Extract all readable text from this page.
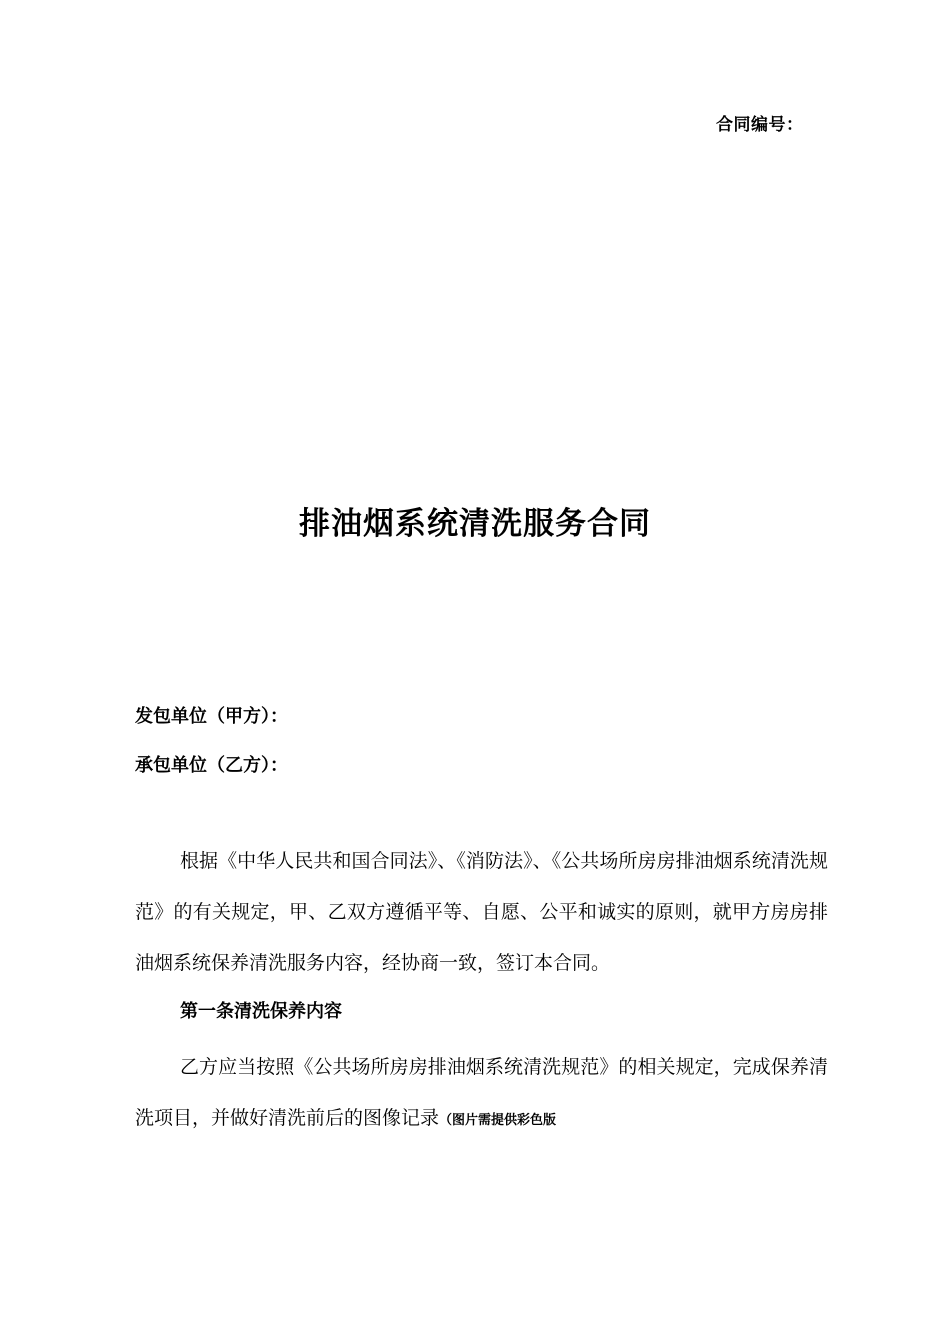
合同编号：
排油烟系统清洗服务合同
发包单位（甲方）：
承包单位（乙方）：

根据《中华人民共和国合同法》、《消防法》、《公共场所房房排油烟系统清洗规范》的有关规定，甲、乙双方遵循平等、自愿、公平和诚实的原则，就甲方房房排油烟系统保养清洗服务内容，经协商一致，签订本合同。

第一条清洗保养内容

乙方应当按照《公共场所房房排油烟系统清洗规范》的相关规定，完成保养清洗项目，并做好清洗前后的图像记录（图片需提供彩色版
